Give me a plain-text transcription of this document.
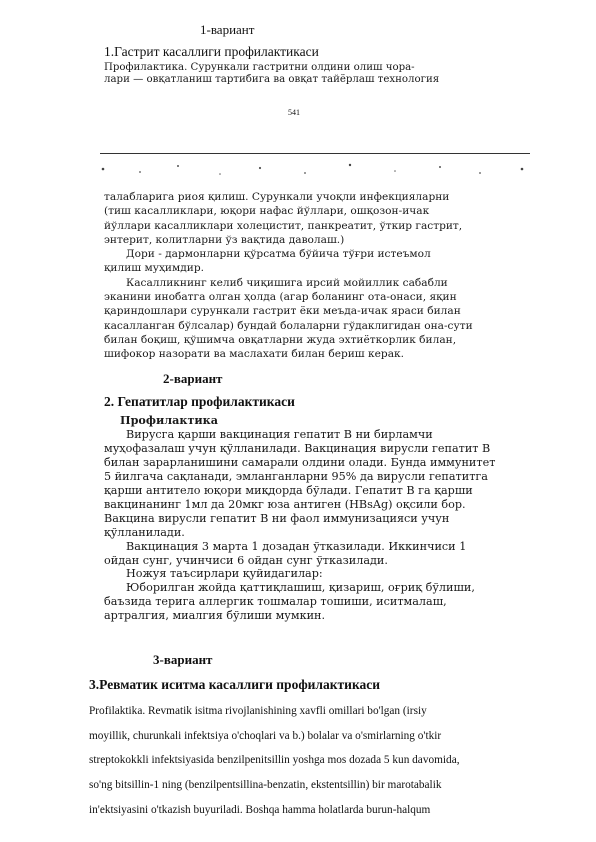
1-вариант
1.Гастрит касаллиги профилактикаси

Профилактика. Сурункали гастритни олдини олиш чора-

лари — овқатланиш тартибига ва овқат тайёрлаш технология

541

талабларига риоя қилиш. Сурункали учоқли инфекцияларни

(тиш касалликлари, юқори нафас йўллари, ошқозон-ичак

йўллари касалликлари холецистит, панкреатит, ўткир гастрит,

энтерит, колитларни ўз вақтида даволаш.)

Дори - дармонларни қўрсатма бўйича тўғри истеъмол

қилиш муҳимдир.

Касалликнинг келиб чиқишига ирсий мойиллик сабабли

эканини инобатга олган ҳолда (агар боланинг ота-онаси, яқин

қариндошлари сурункали гастрит ёки меъда-ичак яраси билан

касалланган бўлсалар) бундай болаларни гўдаклигидан она-сути

билан боқиш, қўшимча овқатларни жуда эхтиёткорлик билан,

шифокор назорати ва маслахати билан бериш керак.

2-вариант
2. Гепатитлар профилактикаси

Профилактика

Вирусга қарши вакцинация гепатит В ни бирламчи

муҳофазалаш учун қўлланилади. Вакцинация вирусли гепатит В

билан зарарланишини самарали олдини олади. Бунда иммунитет

5 йилгача сақланади, эмланганларни 95% да вирусли гепатитга

қарши антитело юқори миқдорда бўлади. Гепатит В га қарши

вакцинанинг 1мл да 20мкг юза антиген (HBsAg) оқсили бор.

Вакцина вирусли гепатит В ни фаол иммунизацияси учун

қўлланилади.

Вакцинация 3 марта 1 дозадан ўтказилади. Иккинчиси 1

ойдан сунг, учинчиси 6 ойдан сунг ўтказилади.

Ножуя таъсирлари қуйидагилар:

Юборилган жойда қаттиқлашиш, қизариш, оғриқ бўлиши,

баъзида терига аллергик тошмалар тошиши, иситмалаш,

артралгия, миалгия бўлиши мумкин.

3-вариант
3.Ревматик иситма касаллиги профилактикаси

Profilaktika. Revmatik isitma rivojlanishining xavfli omillari bo'lgan (irsiy

moyillik, churunkali infektsiya o'choqlari va b.) bolalar va o'smirlarning o'tkir

streptokokkli infektsiyasida benzilpenitsillin yoshga mos dozada 5 kun davomida,

so'ng bitsillin-1 ning (benzilpentsillina-benzatin, ekstentsillin) bir marotabalik

in'ektsiyasini o'tkazish buyuriladi. Boshqa hamma holatlarda burun-halqum
